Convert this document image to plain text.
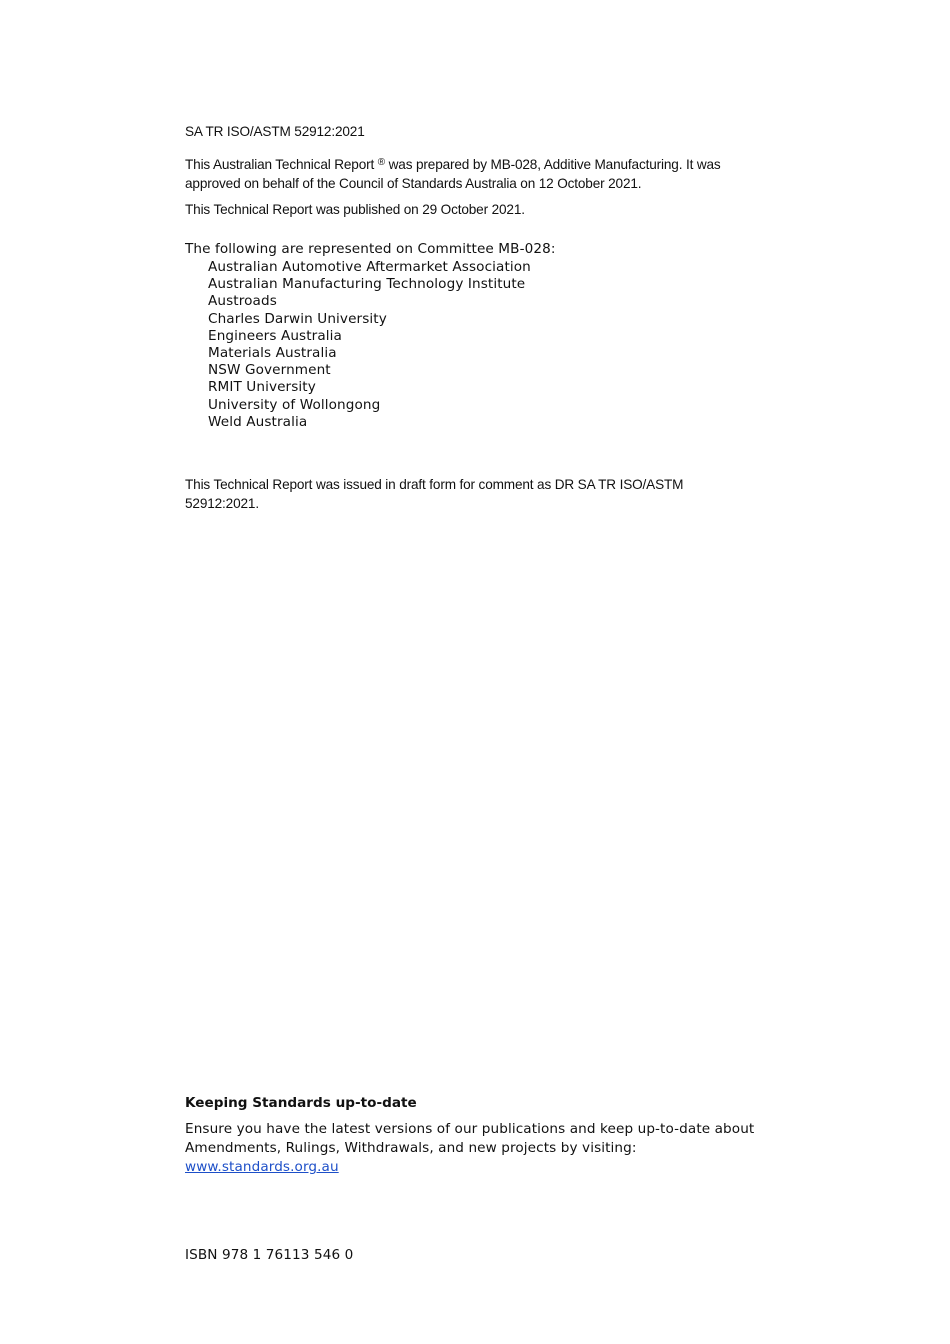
SA TR ISO/ASTM 52912:2021
This Australian Technical Report ® was prepared by MB-028, Additive Manufacturing. It was approved on behalf of the Council of Standards Australia on 12 October 2021.
This Technical Report was published on 29 October 2021.
The following are represented on Committee MB-028:
Australian Automotive Aftermarket Association
Australian Manufacturing Technology Institute
Austroads
Charles Darwin University
Engineers Australia
Materials Australia
NSW Government
RMIT University
University of Wollongong
Weld Australia
This Technical Report was issued in draft form for comment as DR SA TR ISO/ASTM 52912:2021.
Keeping Standards up-to-date
Ensure you have the latest versions of our publications and keep up-to-date about Amendments, Rulings, Withdrawals, and new projects by visiting:
www.standards.org.au
ISBN 978 1 76113 546 0
